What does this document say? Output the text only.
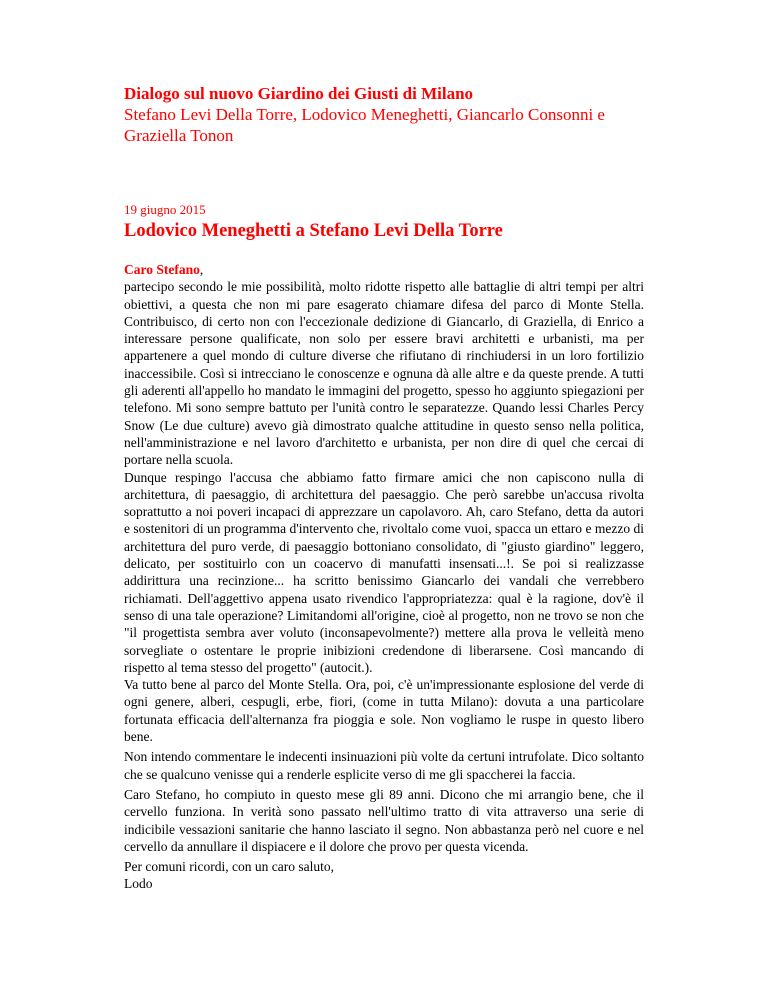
Dialogo sul nuovo Giardino dei Giusti di Milano

Stefano Levi Della Torre, Lodovico Meneghetti, Giancarlo Consonni e Graziella Tonon

19 giugno 2015

Lodovico Meneghetti a Stefano Levi Della Torre

Caro Stefano,

partecipo secondo le mie possibilità, molto ridotte rispetto alle battaglie di altri tempi per altri obiettivi, a questa che non mi pare esagerato chiamare difesa del parco di Monte Stella. Contribuisco, di certo non con l'eccezionale dedizione di Giancarlo, di Graziella, di Enrico a interessare persone qualificate, non solo per essere bravi architetti e urbanisti, ma per appartenere a quel mondo di culture diverse che rifiutano di rinchiudersi in un loro fortilizio inaccessibile. Così si intrecciano le conoscenze e ognuna dà alle altre e da queste prende. A tutti gli aderenti all'appello ho mandato le immagini del progetto, spesso ho aggiunto spiegazioni per telefono. Mi sono sempre battuto per l'unità contro le separatezze. Quando lessi Charles Percy Snow (Le due culture) avevo già dimostrato qualche attitudine in questo senso nella politica, nell'amministrazione e nel lavoro d'architetto e urbanista, per non dire di quel che cercai di portare nella scuola.

Dunque respingo l'accusa che abbiamo fatto firmare amici che non capiscono nulla di architettura, di paesaggio, di architettura del paesaggio. Che però sarebbe un'accusa rivolta soprattutto a noi poveri incapaci di apprezzare un capolavoro. Ah, caro Stefano, detta da autori e sostenitori di un programma d'intervento che, rivoltalo come vuoi, spacca un ettaro e mezzo di architettura del puro verde, di paesaggio bottoniano consolidato, di "giusto giardino" leggero, delicato, per sostituirlo con un coacervo di manufatti insensati...!. Se poi si realizzasse addirittura una recinzione... ha scritto benissimo Giancarlo dei vandali che verrebbero richiamati. Dell'aggettivo appena usato rivendico l'appropriatezza: qual è la ragione, dov'è il senso di una tale operazione? Limitandomi all'origine, cioè al progetto, non ne trovo se non che "il progettista sembra aver voluto (inconsapevolmente?) mettere alla prova le velleità meno sorvegliate o ostentare le proprie inibizioni credendone di liberarsene. Così mancando di rispetto al tema stesso del progetto" (autocit.).

Va tutto bene al parco del Monte Stella. Ora, poi, c'è un'impressionante esplosione del verde di ogni genere, alberi, cespugli, erbe, fiori, (come in tutta Milano): dovuta a una particolare fortunata efficacia dell'alternanza fra pioggia e sole. Non vogliamo le ruspe in questo libero bene.

Non intendo commentare le indecenti insinuazioni più volte da certuni intrufolate. Dico soltanto che se qualcuno venisse qui a renderle esplicite verso di me gli spaccherei la faccia.

Caro Stefano, ho compiuto in questo mese gli 89 anni. Dicono che mi arrangio bene, che il cervello funziona. In verità sono passato nell'ultimo tratto di vita attraverso una serie di indicibile vessazioni sanitarie che hanno lasciato il segno. Non abbastanza però nel cuore e nel cervello da annullare il dispiacere e il dolore che provo per questa vicenda.

Per comuni ricordi, con un caro saluto,

Lodo
